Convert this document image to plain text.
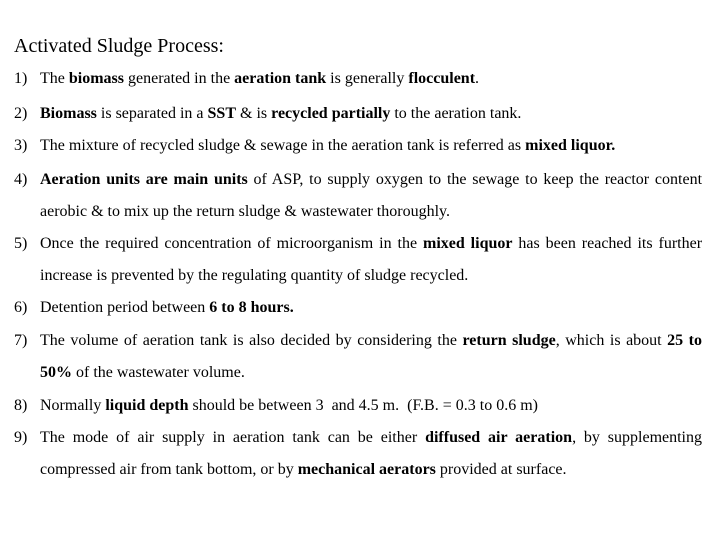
Activated Sludge Process:
1) The biomass generated in the aeration tank is generally flocculent.
2) Biomass is separated in a SST & is recycled partially to the aeration tank.
3) The mixture of recycled sludge & sewage in the aeration tank is referred as mixed liquor.
4) Aeration units are main units of ASP, to supply oxygen to the sewage to keep the reactor content aerobic & to mix up the return sludge & wastewater thoroughly.
5) Once the required concentration of microorganism in the mixed liquor has been reached its further increase is prevented by the regulating quantity of sludge recycled.
6) Detention period between 6 to 8 hours.
7) The volume of aeration tank is also decided by considering the return sludge, which is about 25 to 50% of the wastewater volume.
8) Normally liquid depth should be between 3  and 4.5 m.  (F.B. = 0.3 to 0.6 m)
9) The mode of air supply in aeration tank can be either diffused air aeration, by supplementing compressed air from tank bottom, or by mechanical aerators provided at surface.
